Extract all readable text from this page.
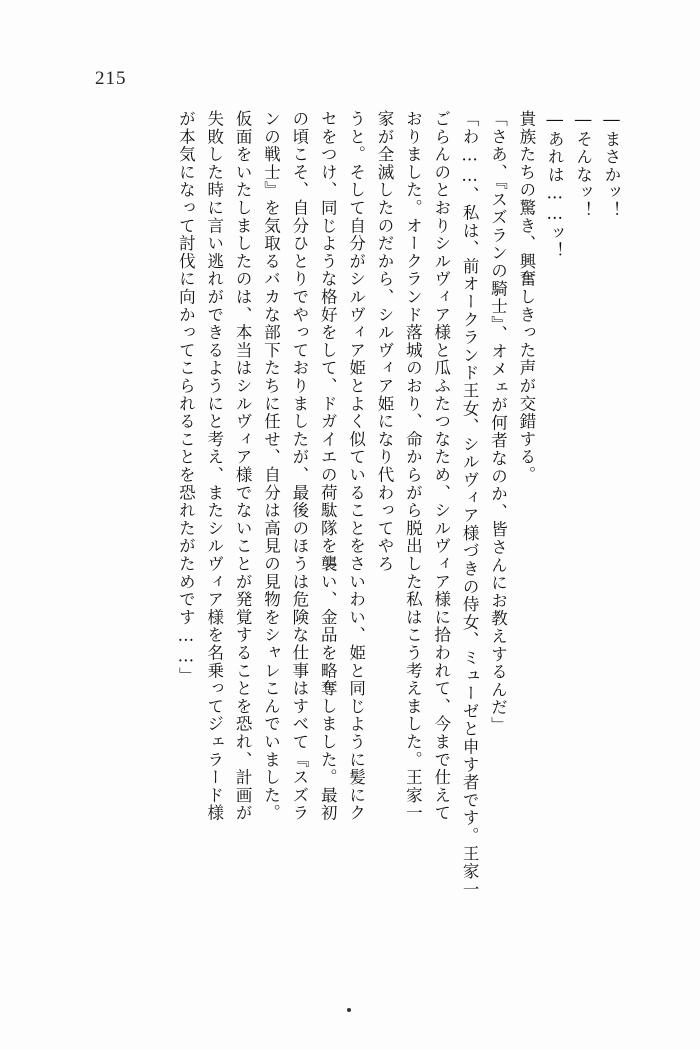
215

―まさかッ！

―そんなッ！

―あれは……ッ！

貴族たちの驚き、興奮しきった声が交錯する。

「さあ、『スズランの騎士』、オメェが何者なのか、皆さんにお教えするんだ」

「わ……、私は、前オークランド王女、シルヴィア様づきの侍女、ミューゼと申す者です。王家一

ごらんのとおりシルヴィア様と瓜ふたつなため、シルヴィア様に拾われて、今まで仕えて

おりました。オークランド落城のおり、命からがら脱出した私はこう考えました。王家一

家が全滅したのだから、シルヴィア姫になり代わってやろ

うと。そして自分がシルヴィア姫とよく似ていることをさいわい、姫と同じように髪にク

セをつけ、同じような格好をして、ドガイエの荷駄隊を襲い、金品を略奪しました。最初

の頃こそ、自分ひとりでやっておりましたが、最後のほうは危険な仕事はすべて『スズラ

ンの戦士』を気取るバカな部下たちに任せ、自分は高見の見物をシャレこんでいました。

仮面をいたしましたのは、本当はシルヴィア様でないことが発覚することを恐れ、計画が

失敗した時に言い逃れができるようにと考え、またシルヴィア様を名乗ってジェラード様

が本気になって討伐に向かってこられることを恐れたがためです……」
